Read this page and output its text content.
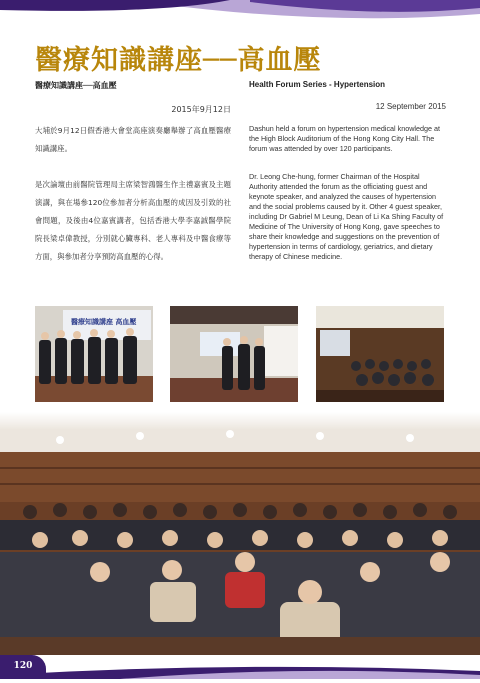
醫療知識講座──高血壓
醫療知識講座──高血壓	Health Forum Series - Hypertension
2015年9月12日	12 September 2015

大埔於9月12日假香港大會堂高座演奏廳舉辦了高血壓醫療知識講座。

是次論壇由前醫院管理局主席梁智鴻醫生作主禮嘉賓及主題演講，與在場參120位參加者分析高血壓的成因及引致的社會問題，及後由4位嘉賓講者，包括香港大學李嘉誠醫學院院長梁卓偉教授，分別就心臟專科、老人專科及中醫食療等方面，與參加者分享預防高血壓的心得。

Dashun held a forum on hypertension medical knowledge at the High Block Auditorium of the Hong Kong City Hall. The forum was attended by over 120 participants.

Dr. Leong Che-hung, former Chairman of the Hospital Authority attended the forum as the officiating guest and keynote speaker, and analyzed the causes of hypertension and the social problems caused by it. Other 4 guest speaker, including Dr Gabriel M Leung, Dean of Li Ka Shing Faculty of Medicine of The University of Hong Kong, gave speeches to share their knowledge and suggestions on the prevention of hypertension in terms of cardiology, geriatrics, and dietary therapy of Chinese medicine.

醫療知識講座 高血壓
120
